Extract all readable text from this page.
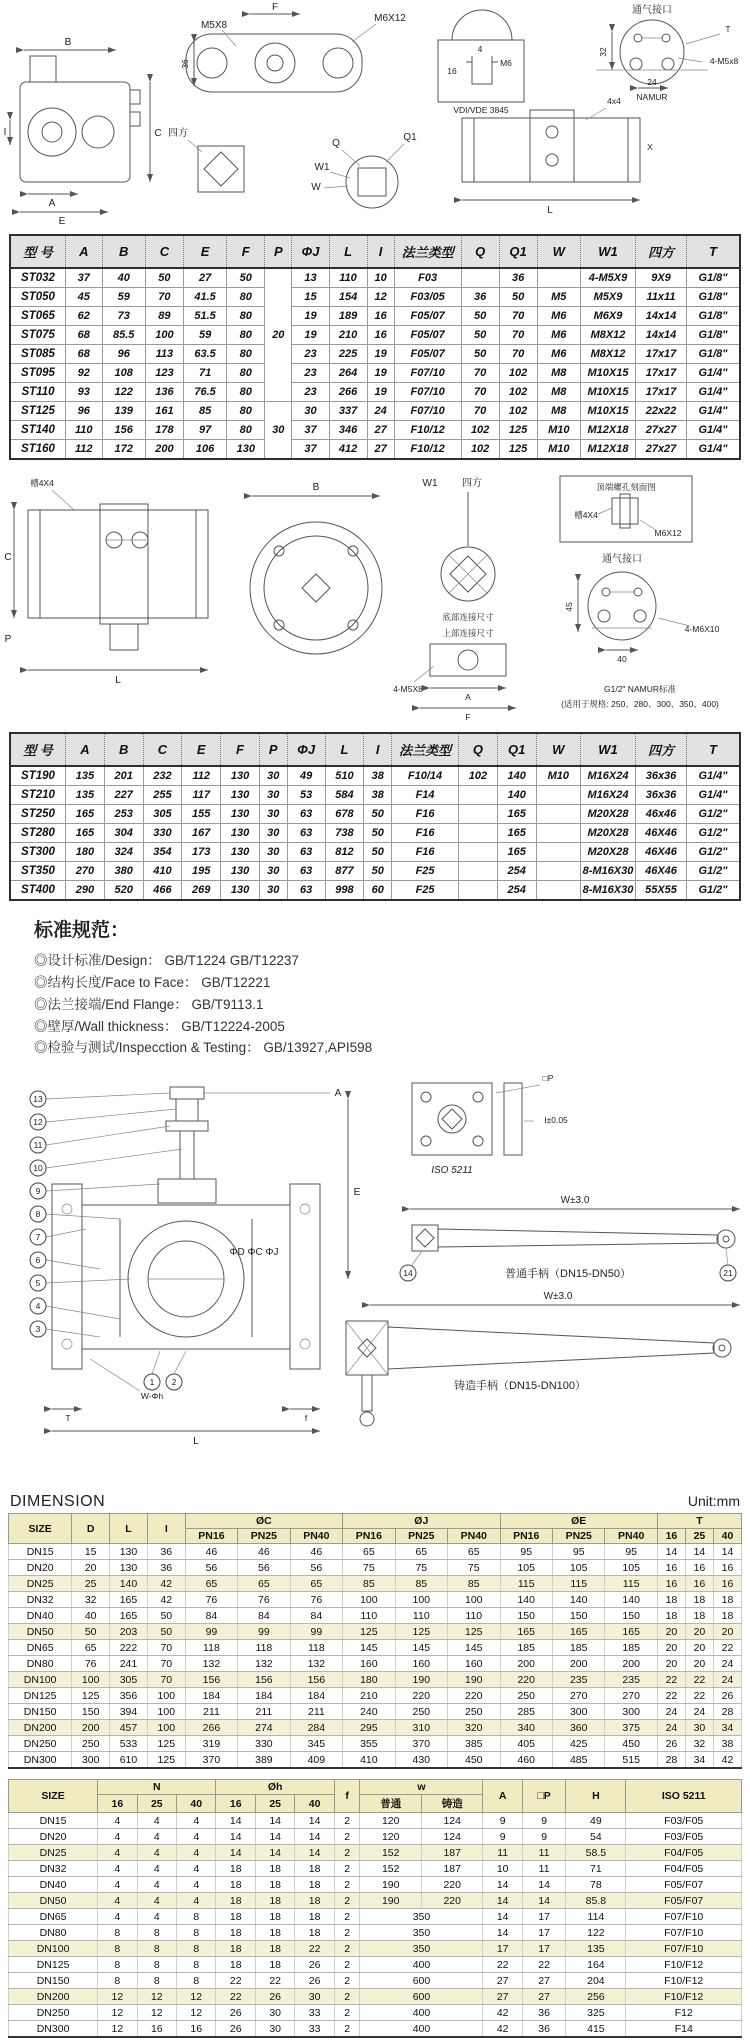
B
C
A
E
I
F
M5X8
M6X12
36
四方	Q1
Q
W1
W
M6
4
16
VDI/VDE 3845
通气接口
32
24
NAMUR
T
4-M5x8
4x4
X
L
型 号	A	B	C	E	F	P	ΦJ	L	I	法兰类型	Q	Q1	W	W1	四方	T
ST032	37	40	50	27	50	20	13	110	10	F03		36		4-M5X9	9X9	G1/8"
ST050	45	59	70	41.5	80		15	154	12	F03/05	36	50	M5	M5X9	11x11	G1/8"
ST065	62	73	89	51.5	80		19	189	16	F05/07	50	70	M6	M6X9	14x14	G1/8"
ST075	68	85.5	100	59	80		19	210	16	F05/07	50	70	M6	M8X12	14x14	G1/8"
ST085	68	96	113	63.5	80		23	225	19	F05/07	50	70	M6	M8X12	17x17	G1/8"
ST095	92	108	123	71	80		23	264	19	F07/10	70	102	M8	M10X15	17x17	G1/4"
ST110	93	122	136	76.5	80		23	266	19	F07/10	70	102	M8	M10X15	17x17	G1/4"
ST125	96	139	161	85	80	30	30	337	24	F07/10	70	102	M8	M10X15	22x22	G1/4"
ST140	110	156	178	97	80		37	346	27	F10/12	102	125	M10	M12X18	27x27	G1/4"
ST160	112	172	200	106	130		37	412	27	F10/12	102	125	M10	M12X18	27x27	G1/4"
槽4X4
C
P
L
B	W1 四方
底部连接尺寸
上部连接尺寸
A
F
4-M5X8
顶端螺孔刻面图
槽4X4
M6X12
通气接口
45
4-M6X10
40
G1/2" NAMUR标准
(适用于规格: 250、280、300、350、400)
型 号	A	B	C	E	F	P	ΦJ	L	I	法兰类型	Q	Q1	W	W1	四方	T
ST190	135	201	232	112	130	30	49	510	38	F10/14	102	140	M10	M16X24	36x36	G1/4"
ST210	135	227	255	117	130	30	53	584	38	F14		140		M16X24	36x36	G1/4"
ST250	165	253	305	155	130	30	63	678	50	F16		165		M20X28	46x46	G1/2"
ST280	165	304	330	167	130	30	63	738	50	F16		165		M20X28	46X46	G1/2"
ST300	180	324	354	173	130	30	63	812	50	F16		165		M20X28	46X46	G1/2"
ST350	270	380	410	195	130	30	63	877	50	F25		254		8-M16X30	46X46	G1/2"
ST400	290	520	466	269	130	30	63	998	60	F25		254		8-M16X30	55X55	G1/2"
标准规范：
◎设计标准/Design： GB/T1224 GB/T12237
◎结构长度/Face to Face： GB/T12221
◎法兰接端/End Flange： GB/T9113.1
◎壁厚/Wall thickness： GB/T12224-2005
◎检验与测试/Inspecction & Testing： GB/13927,API598
A
E
ΦD ΦC ΦJ
W-Φh
T
L
f
13
12
11
10
9
8
7
6
5
4
3
1 2
□P
I±0.05
ISO 5211
W±3.0
14	21
普通手柄（DN15-DN50）
W±3.0
铸造手柄（DN15-DN100）
DIMENSION	Unit:mm
SIZE	D	L	I	ØC			ØJ			ØE			T		
				PN16	PN25	PN40	PN16	PN25	PN40	PN16	PN25	PN40	16	25	40
DN15	15	130	36	46	46	46	65	65	65	95	95	95	14	14	14
DN20	20	130	36	56	56	56	75	75	75	105	105	105	16	16	16
DN25	25	140	42	65	65	65	85	85	85	115	115	115	16	16	16
DN32	32	165	42	76	76	76	100	100	100	140	140	140	18	18	18
DN40	40	165	50	84	84	84	110	110	110	150	150	150	18	18	18
DN50	50	203	50	99	99	99	125	125	125	165	165	165	20	20	20
DN65	65	222	70	118	118	118	145	145	145	185	185	185	20	20	22
DN80	76	241	70	132	132	132	160	160	160	200	200	200	20	20	24
DN100	100	305	70	156	156	156	180	190	190	220	235	235	22	22	24
DN125	125	356	100	184	184	184	210	220	220	250	270	270	22	22	26
DN150	150	394	100	211	211	211	240	250	250	285	300	300	24	24	28
DN200	200	457	100	266	274	284	295	310	320	340	360	375	24	30	34
DN250	250	533	125	319	330	345	355	370	385	405	425	450	26	32	38
DN300	300	610	125	370	389	409	410	430	450	460	485	515	28	34	42
SIZE	N			Øh			f	w		A	□P	H	ISO 5211
	16	25	40	16	25	40		普通	铸造				
DN15	4	4	4	14	14	14	2	120	124	9	9	49	F03/F05
DN20	4	4	4	14	14	14	2	120	124	9	9	54	F03/F05
DN25	4	4	4	14	14	14	2	152	187	11	11	58.5	F04/F05
DN32	4	4	4	18	18	18	2	152	187	10	11	71	F04/F05
DN40	4	4	4	18	18	18	2	190	220	14	14	78	F05/F07
DN50	4	4	4	18	18	18	2	190	220	14	14	85.8	F05/F07
DN65	4	4	8	18	18	18	2	350		14	17	114	F07/F10
DN80	8	8	8	18	18	18	2	350		14	17	122	F07/F10
DN100	8	8	8	18	18	22	2	350		17	17	135	F07/F10
DN125	8	8	8	18	18	26	2	400		22	22	164	F10/F12
DN150	8	8	8	22	22	26	2	600		27	27	204	F10/F12
DN200	12	12	12	22	26	30	2	600		27	27	256	F10/F12
DN250	12	12	12	26	30	33	2	400		42	36	325	F12
DN300	12	16	16	26	30	33	2	400		42	36	415	F14
